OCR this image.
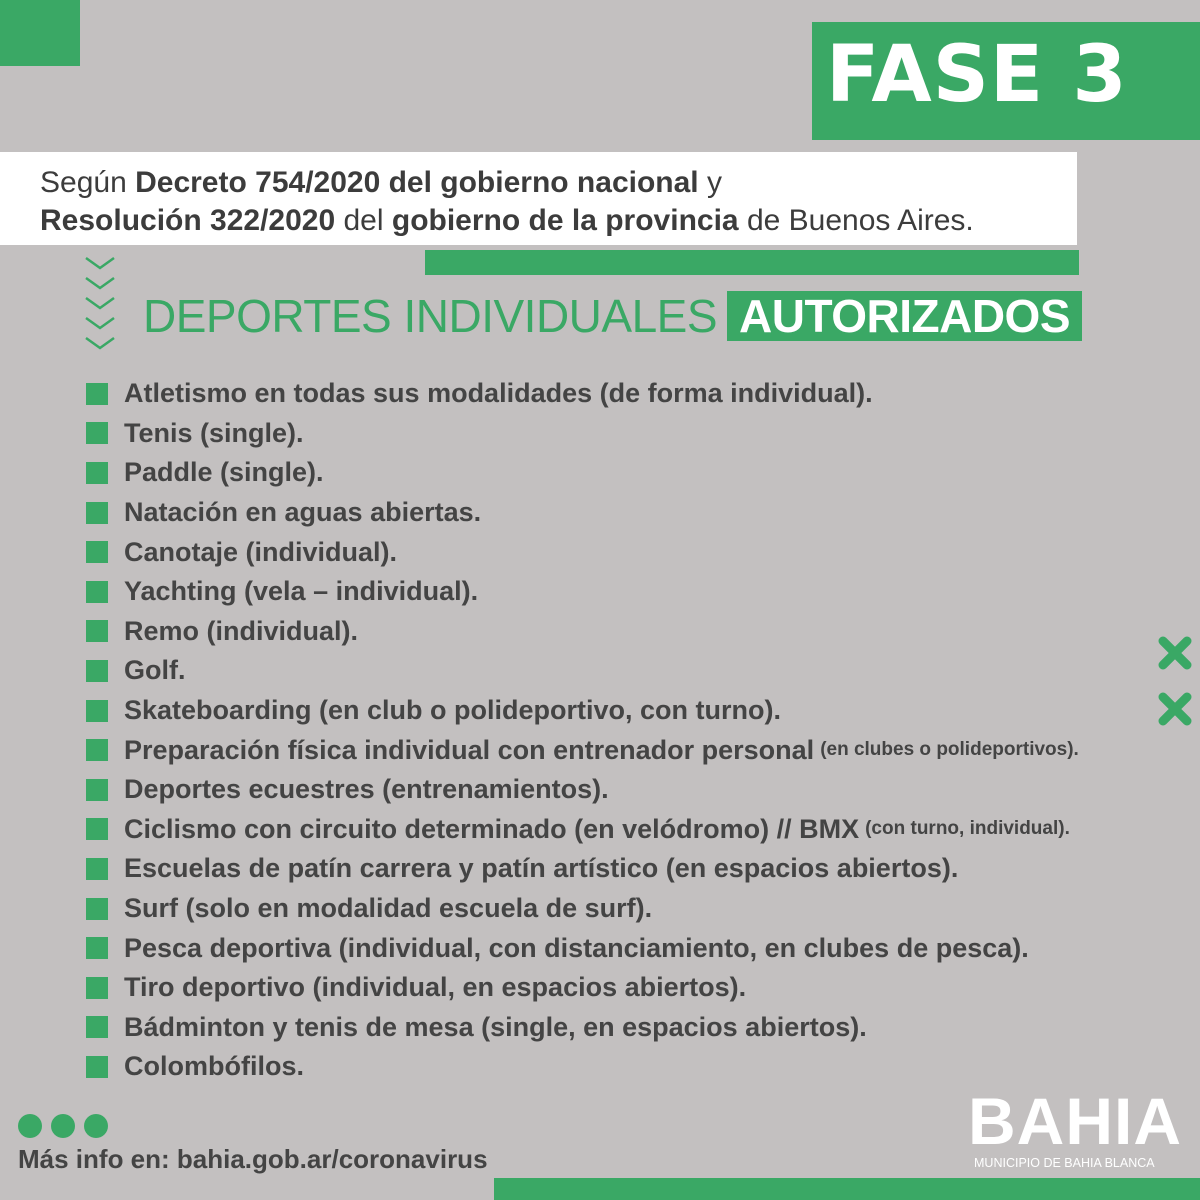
FASE 3
Según Decreto 754/2020 del gobierno nacional y
Resolución 322/2020 del gobierno de la provincia de Buenos Aires.
DEPORTES INDIVIDUALES AUTORIZADOS
Atletismo en todas sus modalidades (de forma individual).
Tenis (single).
Paddle (single).
Natación en aguas abiertas.
Canotaje (individual).
Yachting (vela – individual).
Remo (individual).
Golf.
Skateboarding (en club o polideportivo, con turno).
Preparación física individual con entrenador personal (en clubes o polideportivos).
Deportes ecuestres (entrenamientos).
Ciclismo con circuito determinado (en velódromo) // BMX (con turno, individual).
Escuelas de patín carrera y patín artístico (en espacios abiertos).
Surf (solo en modalidad escuela de surf).
Pesca deportiva (individual, con distanciamiento, en clubes de pesca).
Tiro deportivo (individual, en espacios abiertos).
Bádminton y tenis de mesa (single, en espacios abiertos).
Colombófilos.
Más info en: bahia.gob.ar/coronavirus
BAHIA
MUNICIPIO DE BAHIA BLANCA
